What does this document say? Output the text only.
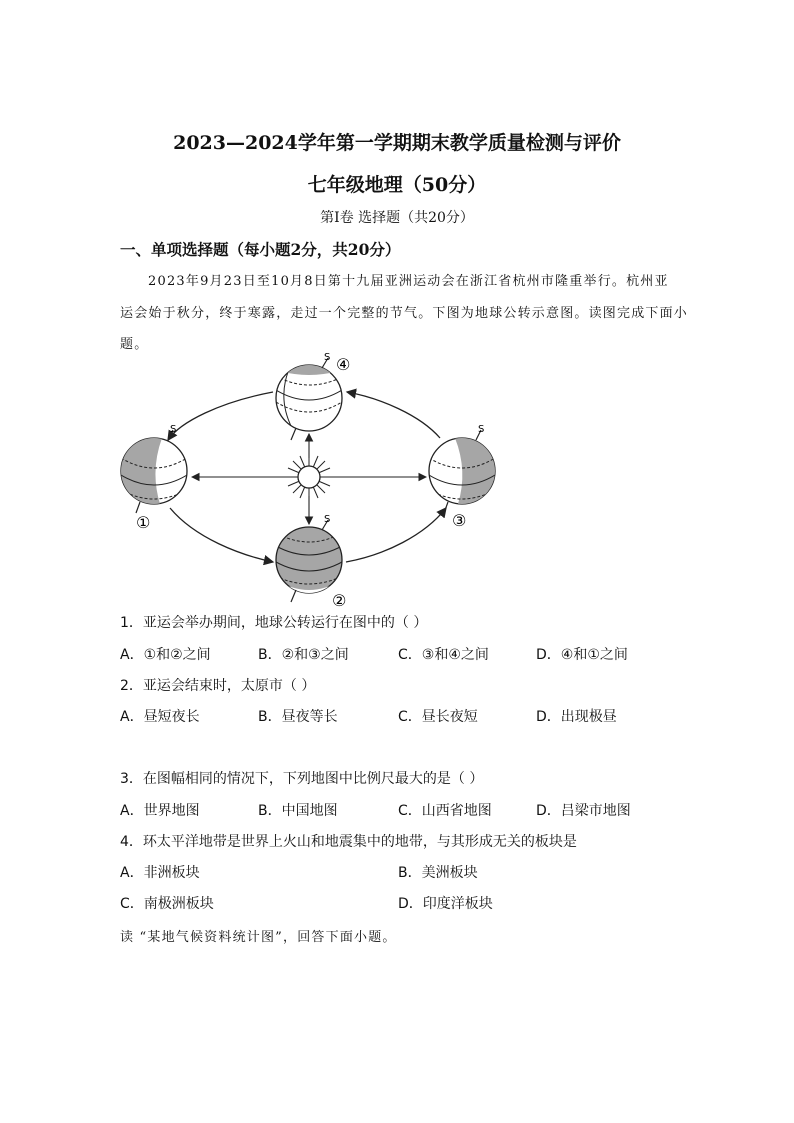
2023—2024学年第一学期期末教学质量检测与评价
七年级地理（50分）
第Ⅰ卷 选择题（共20分）
一、单项选择题（每小题2分，共20分）
2023年9月23日至10月8日第十九届亚洲运动会在浙江省杭州市隆重举行。杭州亚
运会始于秋分，终于寒露，走过一个完整的节气。下图为地球公转示意图。读图完成下面小
题。
S ④
S
①
S
③
S
②
1．亚运会举办期间，地球公转运行在图中的（ ）
A．①和②之间	B．②和③之间	C．③和④之间	D．④和①之间
2．亚运会结束时，太原市（ ）
A．昼短夜长	B．昼夜等长	C．昼长夜短	D．出现极昼
3．在图幅相同的情况下，下列地图中比例尺最大的是（ ）
A．世界地图	B．中国地图	C．山西省地图	D．吕梁市地图
4．环太平洋地带是世界上火山和地震集中的地带，与其形成无关的板块是
A．非洲板块	B．美洲板块
C．南极洲板块	D．印度洋板块
读 “某地气候资料统计图”，回答下面小题。
